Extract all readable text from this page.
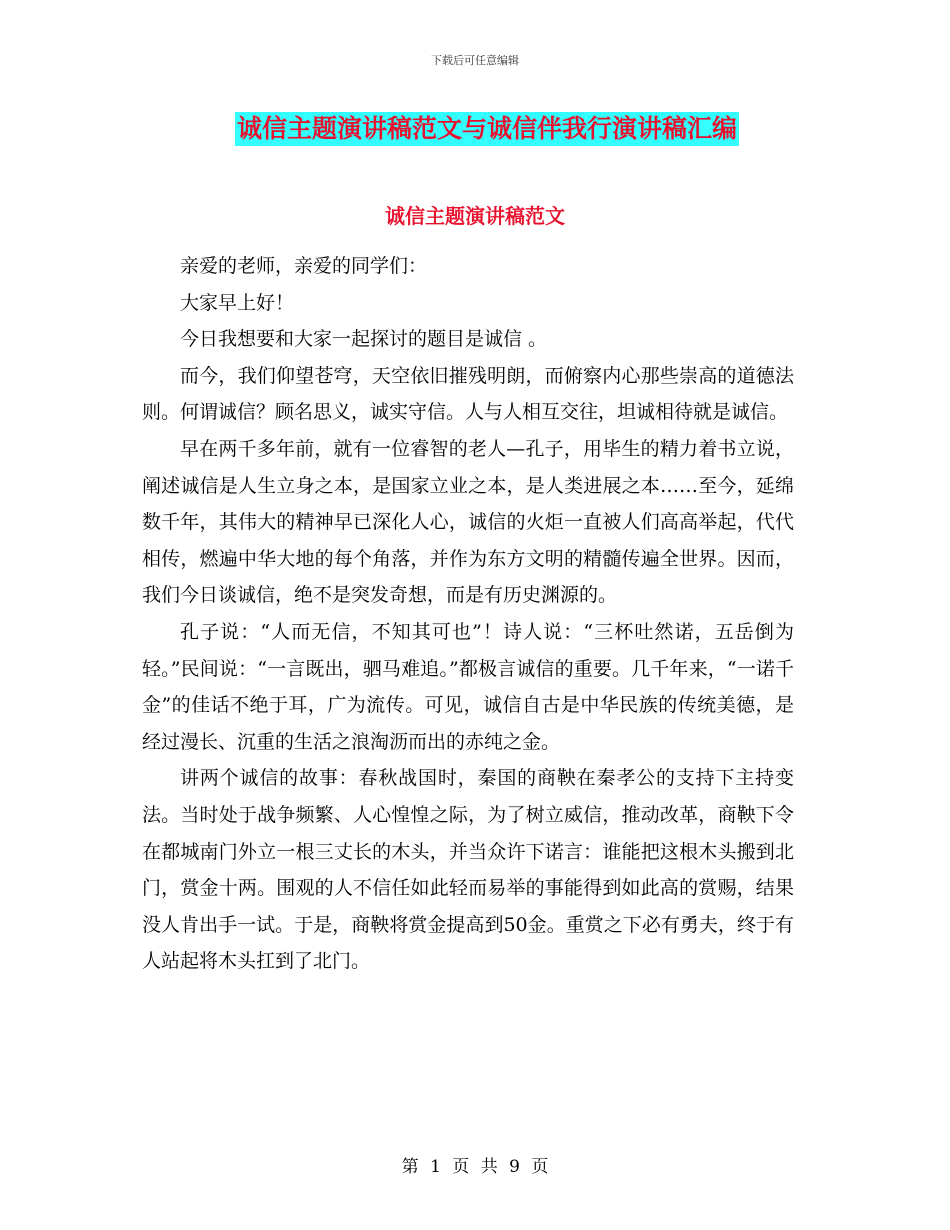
下载后可任意编辑
诚信主题演讲稿范文与诚信伴我行演讲稿汇编
诚信主题演讲稿范文

亲爱的老师，亲爱的同学们：

大家早上好！

今日我想要和大家一起探讨的题目是诚信 。

而今，我们仰望苍穹，天空依旧摧残明朗，而俯察内心那些崇高的道德法则。何谓诚信？顾名思义，诚实守信。人与人相互交往，坦诚相待就是诚信。

早在两千多年前，就有一位睿智的老人—孔子，用毕生的精力着书立说，阐述诚信是人生立身之本，是国家立业之本，是人类进展之本……至今，延绵数千年，其伟大的精神早已深化人心，诚信的火炬一直被人们高高举起，代代相传，燃遍中华大地的每个角落，并作为东方文明的精髓传遍全世界。因而，我们今日谈诚信，绝不是突发奇想，而是有历史渊源的。

孔子说：“人而无信，不知其可也”！诗人说：“三杯吐然诺，五岳倒为轻。”民间说：“一言既出，驷马难追。”都极言诚信的重要。几千年来，“一诺千金”的佳话不绝于耳，广为流传。可见，诚信自古是中华民族的传统美德，是经过漫长、沉重的生活之浪淘沥而出的赤纯之金。

讲两个诚信的故事：春秋战国时，秦国的商鞅在秦孝公的支持下主持变法。当时处于战争频繁、人心惶惶之际，为了树立威信，推动改革，商鞅下令在都城南门外立一根三丈长的木头，并当众许下诺言：谁能把这根木头搬到北门，赏金十两。围观的人不信任如此轻而易举的事能得到如此高的赏赐，结果没人肯出手一试。于是，商鞅将赏金提高到50金。重赏之下必有勇夫，终于有人站起将木头扛到了北门。

第 1 页 共 9 页
